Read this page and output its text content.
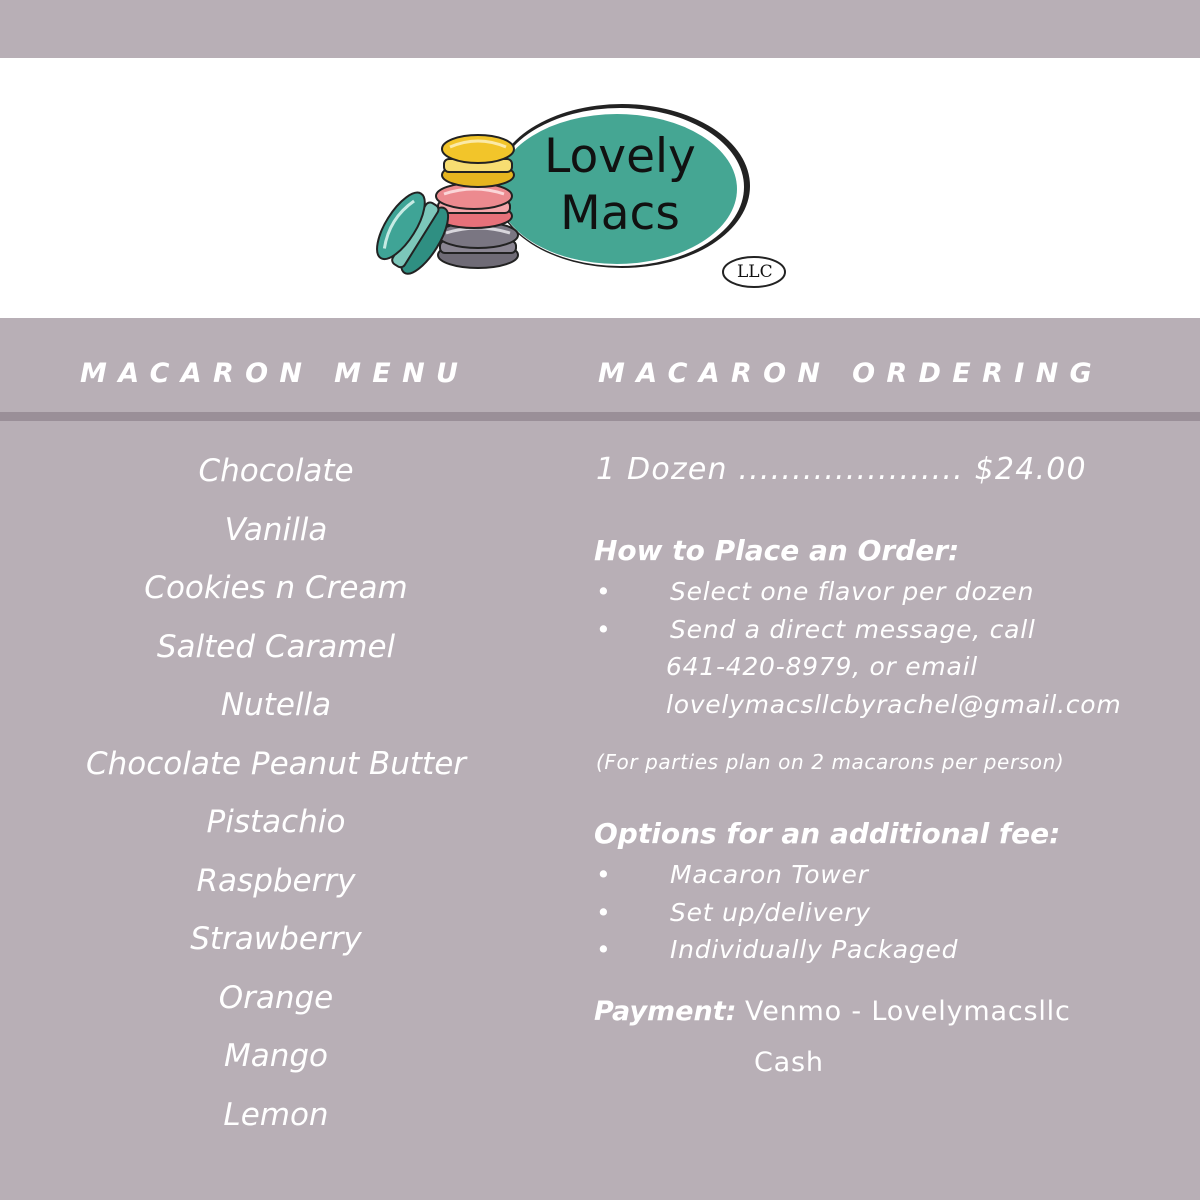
Lovely
Macs
LLC
MACARON MENU	MACARON ORDERING
Chocolate
Vanilla
Cookies n Cream
Salted Caramel
Nutella
Chocolate Peanut Butter
Pistachio
Raspberry
Strawberry
Orange
Mango
Lemon
1 Dozen ..................... $24.00
How to Place an Order:
• Select one flavor per dozen
• Send a direct message, call
641-420-8979, or email
lovelymacsllcbyrachel@gmail.com
(For parties plan on 2 macarons per person)
Options for an additional fee:
• Macaron Tower
• Set up/delivery
• Individually Packaged
Payment: Venmo - Lovelymacsllc
Cash
